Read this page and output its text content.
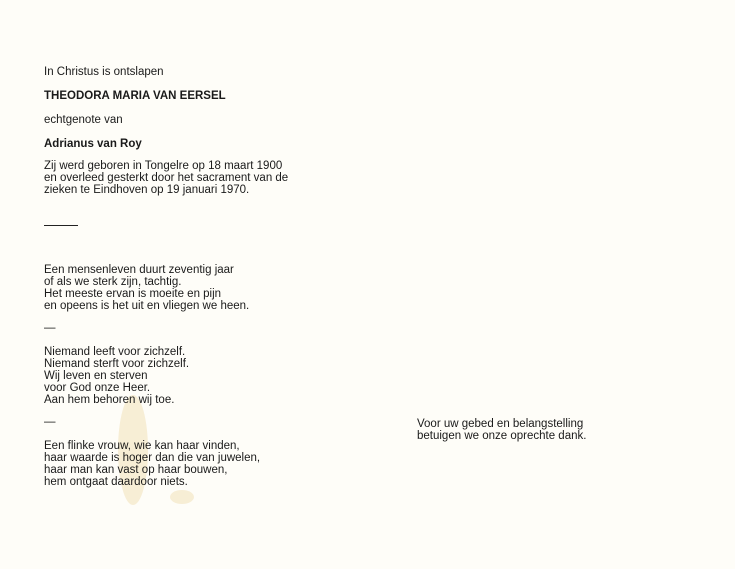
In Christus is ontslapen

THEODORA MARIA VAN EERSEL

echtgenote van

Adrianus van Roy

Zij werd geboren in Tongelre op 18 maart 1900

en overleed gesterkt door het sacrament van de

zieken te Eindhoven op 19 januari 1970.

Een mensenleven duurt zeventig jaar

of als we sterk zijn, tachtig.

Het meeste ervan is moeite en pijn

en opeens is het uit en vliegen we heen.

—

Niemand leeft voor zichzelf.

Niemand sterft voor zichzelf.

Wij leven en sterven

voor God onze Heer.

Aan hem behoren wij toe.

—

Een flinke vrouw, wie kan haar vinden,

haar waarde is hoger dan die van juwelen,

haar man kan vast op haar bouwen,

hem ontgaat daardoor niets.

Voor uw gebed en belangstelling

betuigen we onze oprechte dank.
